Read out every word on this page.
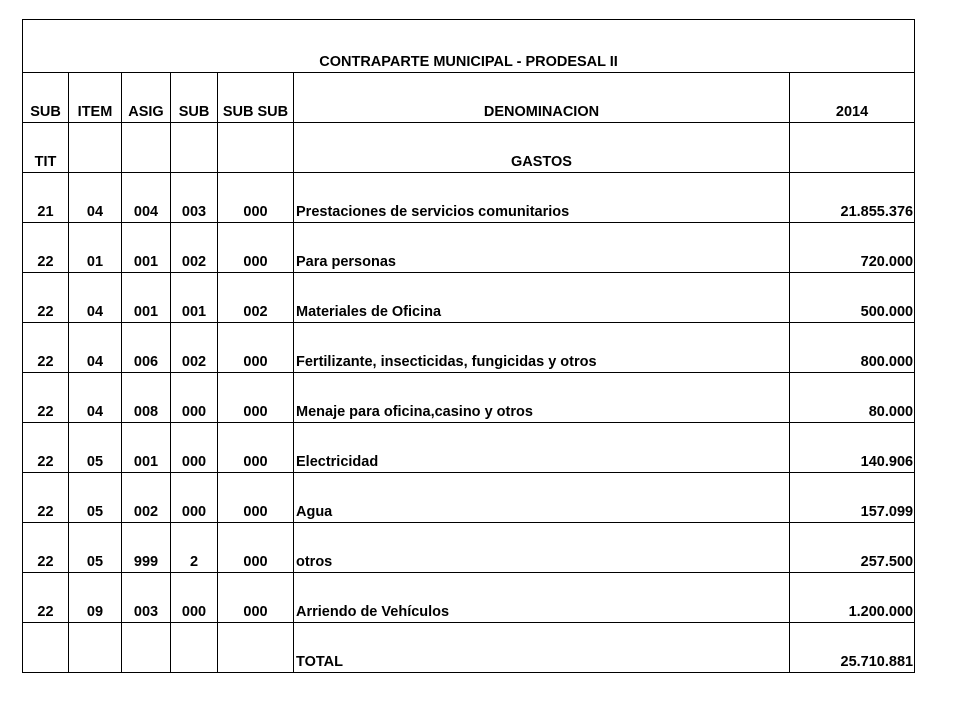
CONTRAPARTE MUNICIPAL - PRODESAL II						
SUB	ITEM	ASIG	SUB	SUB SUB	DENOMINACION	2014
TIT					GASTOS	
21	04	004	003	000	Prestaciones de servicios comunitarios	21.855.376
22	01	001	002	000	Para personas	720.000
22	04	001	001	002	Materiales de Oficina	500.000
22	04	006	002	000	Fertilizante, insecticidas, fungicidas y otros	800.000
22	04	008	000	000	Menaje para oficina,casino y otros	80.000
22	05	001	000	000	Electricidad	140.906
22	05	002	000	000	Agua	157.099
22	05	999	2	000	otros	257.500
22	09	003	000	000	Arriendo de Vehículos	1.200.000
					TOTAL	25.710.881
